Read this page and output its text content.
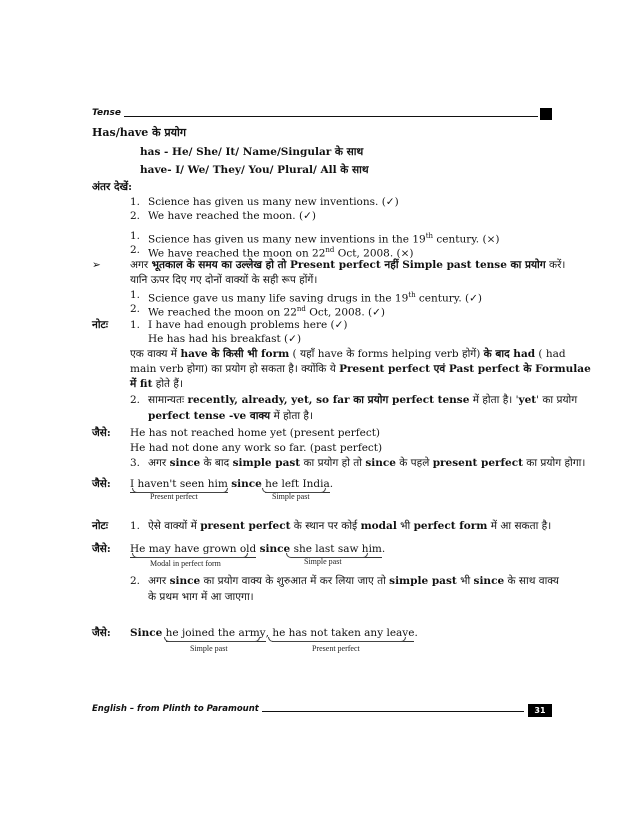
Tense
Has/have के प्रयोग
has - He/ She/ It/ Name/Singular के साथ
have- I/ We/ They/ You/ Plural/ All के साथ
अंतर देखें:
1. Science has given us many new inventions. (✓)
2. We have reached the moon. (✓)
1. Science has given us many new inventions in the 19th century. (×)
2. We have reached the moon on 22nd Oct, 2008. (×)
➢	अगर भूतकाल के समय का उल्लेख हो तो Present perfect नहीं Simple past tense का प्रयोग करें।
यानि ऊपर दिए गए दोनों वाक्यों के सही रूप होंगें।
1. Science gave us many life saving drugs in the 19th century. (✓)
2. We reached the moon on 22nd Oct, 2008. (✓)
नोटः 1. I have had enough problems here (✓)
He has had his breakfast (✓)
एक वाक्य में have के किसी भी form ( यहाँ have के forms helping verb होगें) के बाद had ( had
main verb होगा) का प्रयोग हो सकता है। क्योंकि ये Present perfect एवं Past perfect के Formulae
में fit होते हैं।
2. सामान्यतः recently, already, yet, so far का प्रयोग perfect tense में होता है। 'yet' का प्रयोग
perfect tense -ve वाक्य में होता है।
जैसे: He has not reached home yet (present perfect)
He had not done any work so far. (past perfect)
3. अगर since के बाद simple past का प्रयोग हो तो since के पहले present perfect का प्रयोग होगा।
जैसे: I haven't seen him since he left India.
Present perfect	Simple past
नोटः 1. ऐसे वाक्यों में present perfect के स्थान पर कोई modal भी perfect form में आ सकता है।
जैसे: He may have grown old since she last saw him.
Modal in perfect form	Simple past
2. अगर since का प्रयोग वाक्य के शुरुआत में कर लिया जाए तो simple past भी since के साथ वाक्य
के प्रथम भाग में आ जाएगा।
जैसे: Since he joined the army, he has not taken any leave.
Simple past	Present perfect
English – from Plinth to Paramount	31
